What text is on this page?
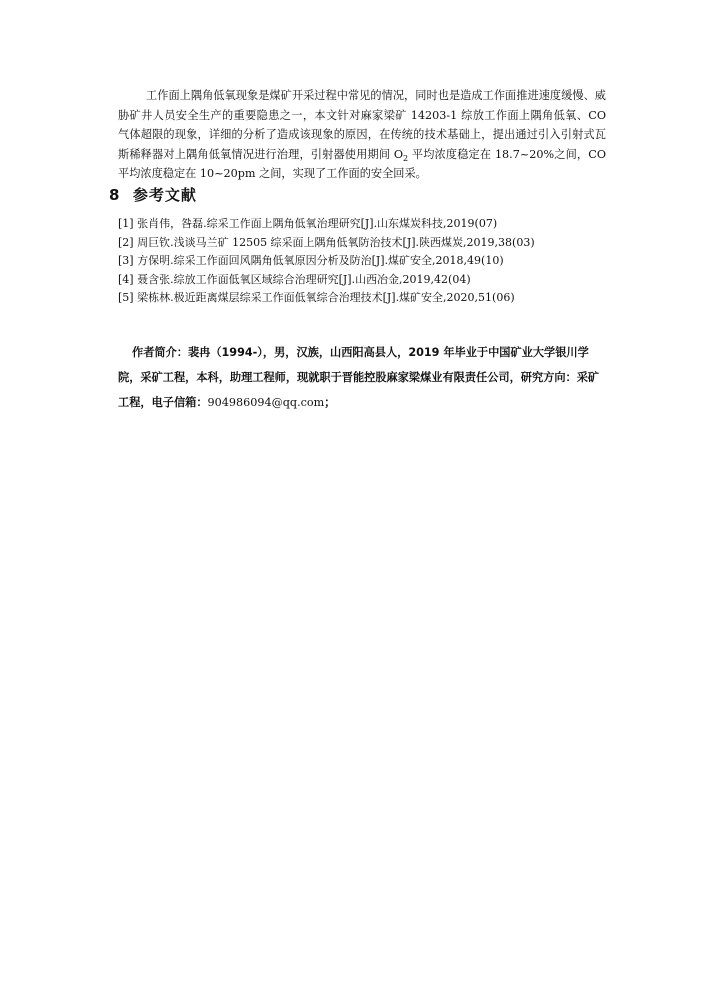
工作面上隅角低氧现象是煤矿开采过程中常见的情况，同时也是造成工作面推进速度缓慢、威胁矿井人员安全生产的重要隐患之一，本文针对麻家梁矿 14203-1 综放工作面上隅角低氧、CO 气体超限的现象，详细的分析了造成该现象的原因，在传统的技术基础上，提出通过引入引射式瓦斯稀释器对上隅角低氧情况进行治理，引射器使用期间 $O_2$ 平均浓度稳定在 18.7~20%之间，CO 平均浓度稳定在 10~20pm 之间，实现了工作面的安全回采。

8 参考文献
[1] 张肖伟，咎磊.综采工作面上隅角低氧治理研究[J].山东煤炭科技,2019(07)
[2] 周巨钦.浅谈马兰矿 12505 综采面上隅角低氧防治技术[J].陕西煤炭,2019,38(03)
[3] 方保明.综采工作面回风隅角低氧原因分析及防治[J].煤矿安全,2018,49(10)
[4] 聂含张.综放工作面低氧区域综合治理研究[J].山西冶金,2019,42(04)
[5] 梁栋林.极近距离煤层综采工作面低氧综合治理技术[J].煤矿安全,2020,51(06)

作者简介：裴冉（1994-），男，汉族，山西阳高县人，2019 年毕业于中国矿业大学银川学院，采矿工程，本科，助理工程师，现就职于晋能控股麻家梁煤业有限责任公司，研究方向：采矿工程，电子信箱：904986094@qq.com；
